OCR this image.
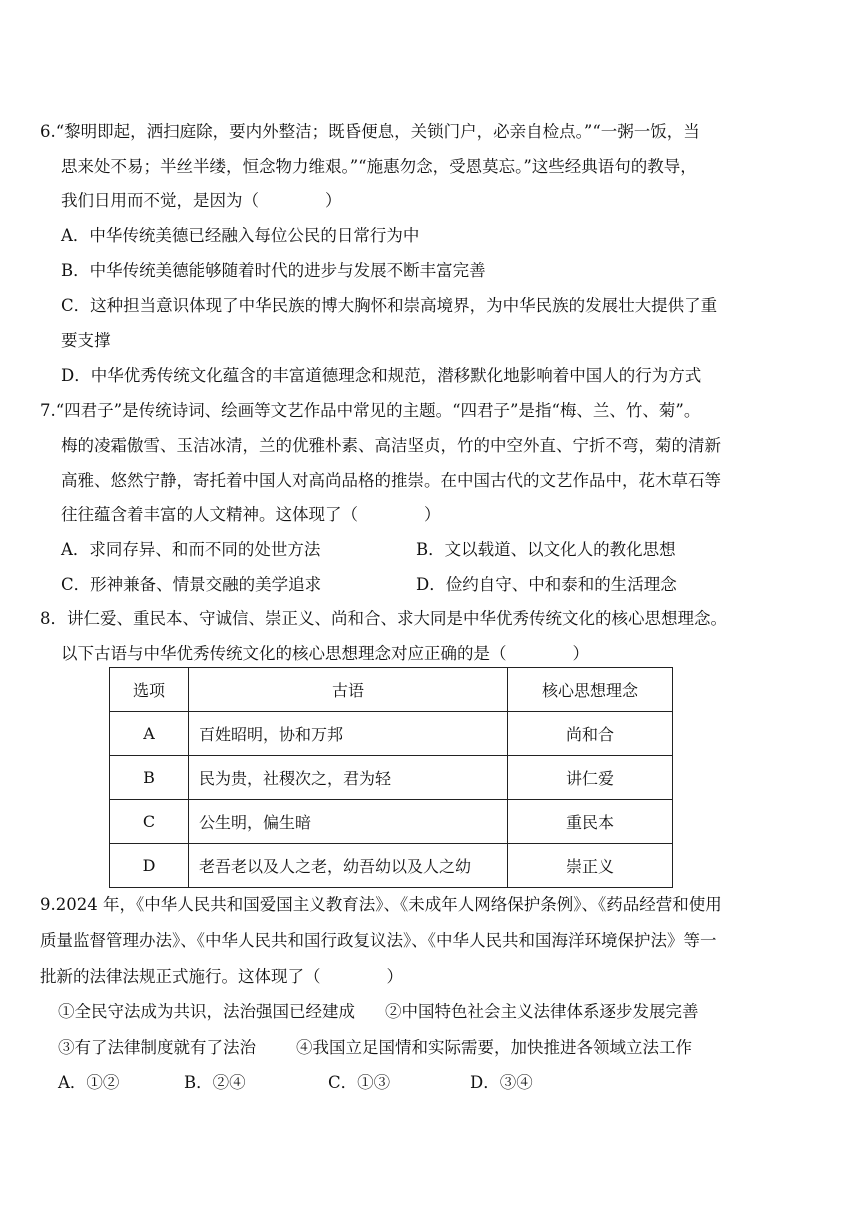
6.“黎明即起，洒扫庭除，要内外整洁；既昏便息，关锁门户，必亲自检点。”“一粥一饭，当
思来处不易；半丝半缕，恒念物力维艰。”“施惠勿念，受恩莫忘。”这些经典语句的教导，
我们日用而不觉，是因为（　　　　）
A．中华传统美德已经融入每位公民的日常行为中
B．中华传统美德能够随着时代的进步与发展不断丰富完善
C．这种担当意识体现了中华民族的博大胸怀和崇高境界，为中华民族的发展壮大提供了重
要支撑
D．中华优秀传统文化蕴含的丰富道德理念和规范，潜移默化地影响着中国人的行为方式
7.“四君子”是传统诗词、绘画等文艺作品中常见的主题。“四君子”是指“梅、兰、竹、菊”。
梅的凌霜傲雪、玉洁冰清，兰的优雅朴素、高洁坚贞，竹的中空外直、宁折不弯，菊的清新
高雅、悠然宁静，寄托着中国人对高尚品格的推崇。在中国古代的文艺作品中，花木草石等
往往蕴含着丰富的人文精神。这体现了（　　　　）
A．求同存异、和而不同的处世方法	B．文以载道、以文化人的教化思想
C．形神兼备、情景交融的美学追求	D．俭约自守、中和泰和的生活理念
8．讲仁爱、重民本、守诚信、崇正义、尚和合、求大同是中华优秀传统文化的核心思想理念。
以下古语与中华优秀传统文化的核心思想理念对应正确的是（　　　　）
选项	古语	核心思想理念
A	百姓昭明，协和万邦	尚和合
B	民为贵，社稷次之，君为轻	讲仁爱
C	公生明，偏生暗	重民本
D	老吾老以及人之老，幼吾幼以及人之幼	崇正义
9.2024 年，《中华人民共和国爱国主义教育法》、《未成年人网络保护条例》、《药品经营和使用
质量监督管理办法》、《中华人民共和国行政复议法》、《中华人民共和国海洋环境保护法》等一
批新的法律法规正式施行。这体现了（　　　　）
①全民守法成为共识，法治强国已经建成 ②中国特色社会主义法律体系逐步发展完善
③有了法律制度就有了法治 ④我国立足国情和实际需要，加快推进各领域立法工作
A．①②	B．②④	C．①③	D．③④
